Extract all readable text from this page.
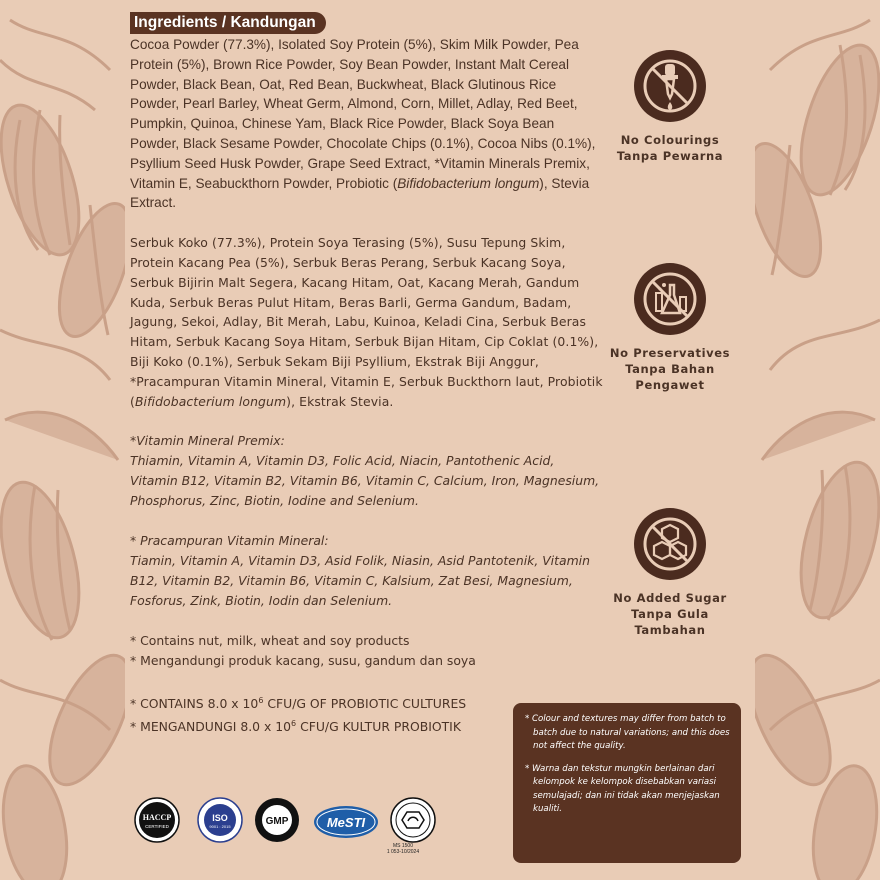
Ingredients / Kandungan

Cocoa Powder (77.3%), Isolated Soy Protein (5%), Skim Milk Powder, Pea Protein (5%), Brown Rice Powder, Soy Bean Powder, Instant Malt Cereal Powder, Black Bean, Oat, Red Bean, Buckwheat, Black Glutinous Rice Powder, Pearl Barley, Wheat Germ, Almond, Corn, Millet, Adlay, Red Beet, Pumpkin, Quinoa, Chinese Yam, Black Rice Powder, Black Soya Bean Powder, Black Sesame Powder, Chocolate Chips (0.1%), Cocoa Nibs (0.1%), Psyllium Seed Husk Powder, Grape Seed Extract, *Vitamin Minerals Premix, Vitamin E, Seabuckthorn Powder, Probiotic (Bifidobacterium longum), Stevia Extract.

Serbuk Koko (77.3%), Protein Soya Terasing (5%), Susu Tepung Skim, Protein Kacang Pea (5%), Serbuk Beras Perang, Serbuk Kacang Soya, Serbuk Bijirin Malt Segera, Kacang Hitam, Oat, Kacang Merah, Gandum Kuda, Serbuk Beras Pulut Hitam, Beras Barli, Germa Gandum, Badam, Jagung, Sekoi, Adlay, Bit Merah, Labu, Kuinoa, Keladi Cina, Serbuk Beras Hitam, Serbuk Kacang Soya Hitam, Serbuk Bijan Hitam, Cip Coklat (0.1%), Biji Koko (0.1%), Serbuk Sekam Biji Psyllium, Ekstrak Biji Anggur, *Pracampuran Vitamin Mineral, Vitamin E, Serbuk Buckthorn laut, Probiotik (Bifidobacterium longum), Ekstrak Stevia.

*Vitamin Mineral Premix:

Thiamin, Vitamin A, Vitamin D3, Folic Acid, Niacin, Pantothenic Acid, Vitamin B12, Vitamin B2, Vitamin B6, Vitamin C, Calcium, Iron, Magnesium, Phosphorus, Zinc, Biotin, Iodine and Selenium.

* Pracampuran Vitamin Mineral:

Tiamin, Vitamin A, Vitamin D3, Asid Folik, Niasin, Asid Pantotenik, Vitamin B12, Vitamin B2, Vitamin B6, Vitamin C, Kalsium, Zat Besi, Magnesium, Fosforus, Zink, Biotin, Iodin dan Selenium.

* Contains nut, milk, wheat and soy products

* Mengandungi produk kacang, susu, gandum dan soya

* CONTAINS 8.0 x $10^6$ CFU/G OF PROBIOTIC CULTURES

* MENGANDUNGI 8.0 x $10^6$ CFU/G KULTUR PROBIOTIK

No Colourings
Tanpa Pewarna
No Preservatives
Tanpa Bahan
Pengawet
No Added Sugar
Tanpa Gula
Tambahan

* Colour and textures may differ from batch to batch due to natural variations; and this does not affect the quality.

* Warna dan tekstur mungkin berlainan dari kelompok ke kelompok disebabkan variasi semulajadi; dan ini tidak akan menjejaskan kualiti.

HACCP
CERTIFIED
ISO
9001 : 2015	GMP	MeSTI
MS 1500
1 053-10/2024
